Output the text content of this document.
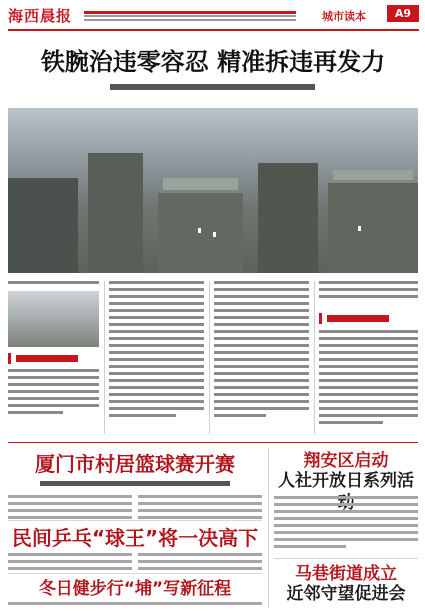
海西晨报	城市读本	A9
铁腕治违零容忍 精准拆违再发力
厦门市村居篮球赛开赛
民间乒乓“球王”将一决高下
冬日健步行“埔”写新征程
翔安区启动
人社开放日系列活
马巷街道成立
近邻守望促进会
